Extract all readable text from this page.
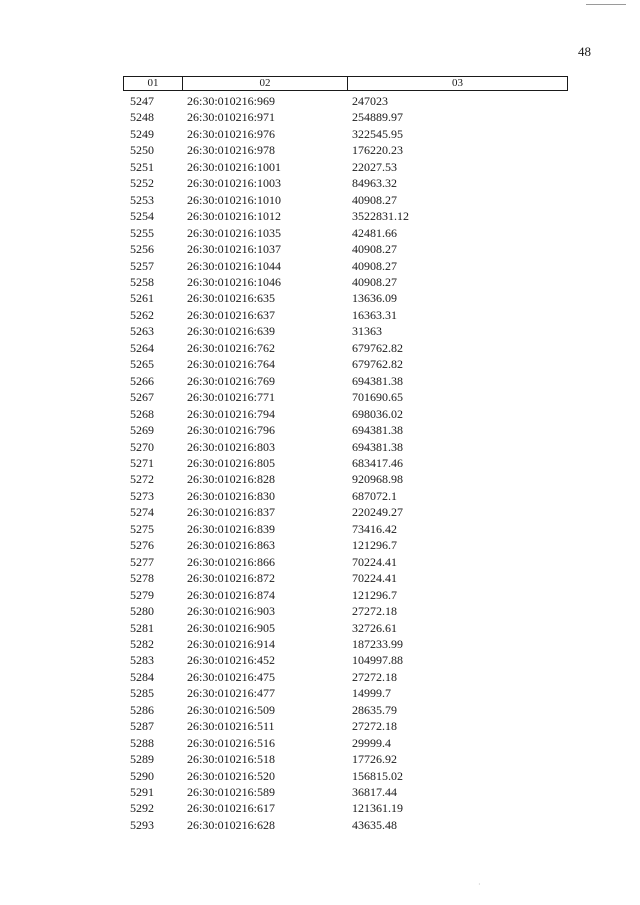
48
01	02	03
5247	26:30:010216:969	247023
5248	26:30:010216:971	254889.97
5249	26:30:010216:976	322545.95
5250	26:30:010216:978	176220.23
5251	26:30:010216:1001	22027.53
5252	26:30:010216:1003	84963.32
5253	26:30:010216:1010	40908.27
5254	26:30:010216:1012	3522831.12
5255	26:30:010216:1035	42481.66
5256	26:30:010216:1037	40908.27
5257	26:30:010216:1044	40908.27
5258	26:30:010216:1046	40908.27
5261	26:30:010216:635	13636.09
5262	26:30:010216:637	16363.31
5263	26:30:010216:639	31363
5264	26:30:010216:762	679762.82
5265	26:30:010216:764	679762.82
5266	26:30:010216:769	694381.38
5267	26:30:010216:771	701690.65
5268	26:30:010216:794	698036.02
5269	26:30:010216:796	694381.38
5270	26:30:010216:803	694381.38
5271	26:30:010216:805	683417.46
5272	26:30:010216:828	920968.98
5273	26:30:010216:830	687072.1
5274	26:30:010216:837	220249.27
5275	26:30:010216:839	73416.42
5276	26:30:010216:863	121296.7
5277	26:30:010216:866	70224.41
5278	26:30:010216:872	70224.41
5279	26:30:010216:874	121296.7
5280	26:30:010216:903	27272.18
5281	26:30:010216:905	32726.61
5282	26:30:010216:914	187233.99
5283	26:30:010216:452	104997.88
5284	26:30:010216:475	27272.18
5285	26:30:010216:477	14999.7
5286	26:30:010216:509	28635.79
5287	26:30:010216:511	27272.18
5288	26:30:010216:516	29999.4
5289	26:30:010216:518	17726.92
5290	26:30:010216:520	156815.02
5291	26:30:010216:589	36817.44
5292	26:30:010216:617	121361.19
5293	26:30:010216:628	43635.48
·
